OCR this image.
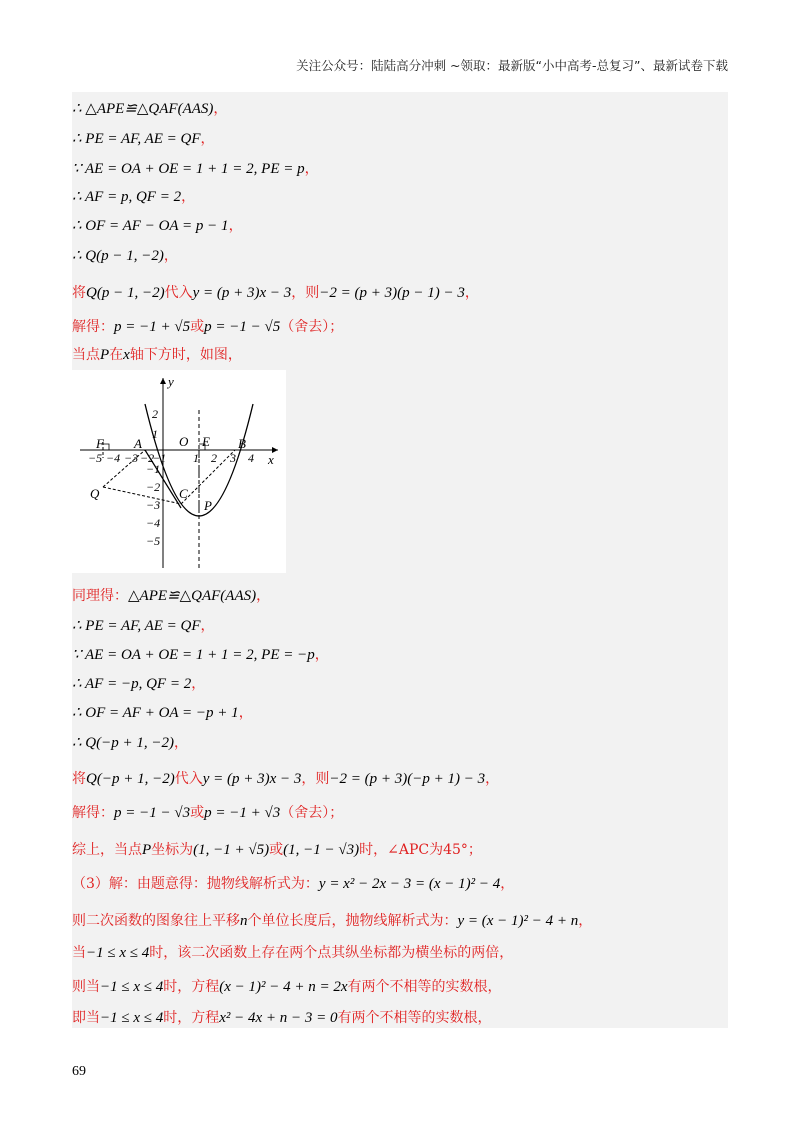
关注公众号：陆陆高分冲刺 ~领取：最新版“小中高考-总复习”、最新试卷下载
∴ △APE≌△QAF(AAS)，
∴ PE = AF, AE = QF，
∵ AE = OA + OE = 1 + 1 = 2, PE = p，
∴ AF = p, QF = 2，
∴ OF = AF − OA = p − 1，
∴ Q(p − 1, −2)，
将Q(p − 1, −2)代入y = (p + 3)x − 3，则−2 = (p + 3)(p − 1) − 3，
解得：p = −1 + √5或p = −1 − √5（舍去）；
当点P在x轴下方时，如图，
同理得：△APE≌△QAF(AAS)，
∴ PE = AF, AE = QF，
∵ AE = OA + OE = 1 + 1 = 2, PE = −p，
∴ AF = −p, QF = 2，
∴ OF = AF + OA = −p + 1，
∴ Q(−p + 1, −2)，
将Q(−p + 1, −2)代入y = (p + 3)x − 3，则−2 = (p + 3)(−p + 1) − 3，
解得：p = −1 − √3或p = −1 + √3（舍去）；
综上，当点P坐标为(1, −1 + √5)或(1, −1 − √3)时，∠APC为45°；
（3）解：由题意得：抛物线解析式为：y = x² − 2x − 3 = (x − 1)² − 4，
则二次函数的图象往上平移n个单位长度后，抛物线解析式为：y = (x − 1)² − 4 + n，
当−1 ≤ x ≤ 4时，该二次函数上存在两个点其纵坐标都为横坐标的两倍，
则当−1 ≤ x ≤ 4时，方程(x − 1)² − 4 + n = 2x有两个不相等的实数根，
即当−1 ≤ x ≤ 4时，方程x² − 4x + n − 3 = 0有两个不相等的实数根，
−5 −4 −3 −2
−1 1 2 3 4
2
1
−1
−2
−3
−4
−5
y
x
O
A	B
C
E
F
P
Q
69
